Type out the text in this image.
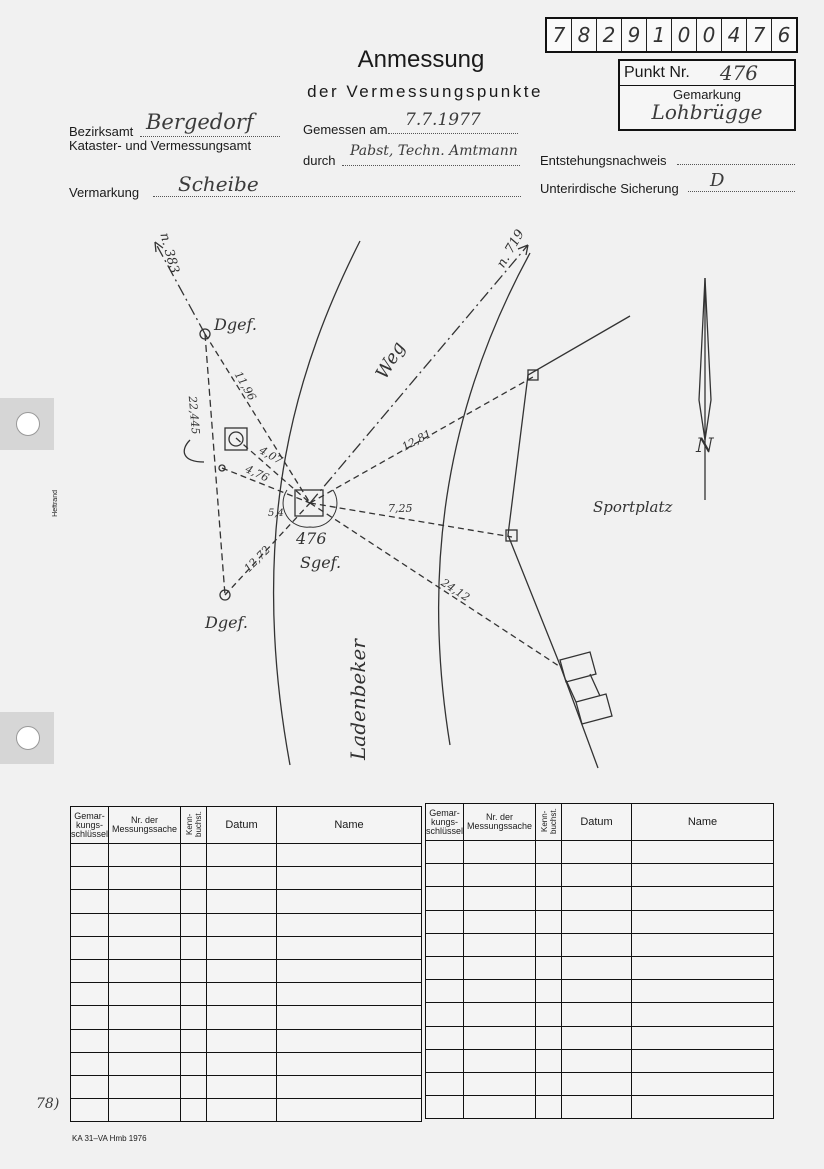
Heftrand
7 8 2 9 1 0 0 4 7 6
Anmessung
der Vermessungspunkte
Punkt Nr. 476
Gemarkung
Lohbrügge
Bezirksamt Bergedorf
Kataster- und Vermessungsamt
Gemessen am 7.7.1977
durch
Pabst, Techn. Amtmann
Entstehungsnachweis
Vermarkung Scheibe	Unterirdische Sicherung D
n. 383	n. 719
Dgef.
Dgef.
476
Sgef.
Weg
Sportplatz
Ladenbeker
N
22,445
11,96
4,07
4,76
5,4
12,72
12,81
7,25
24,12
Gemar-kungs-schlüssel	Nr. der Messungssache	Kenn-buchst.	Datum	Name

Gemar-kungs-schlüssel	Nr. der Messungssache	Kenn-buchst.	Datum	Name

78)
KA 31–VA Hmb 1976
